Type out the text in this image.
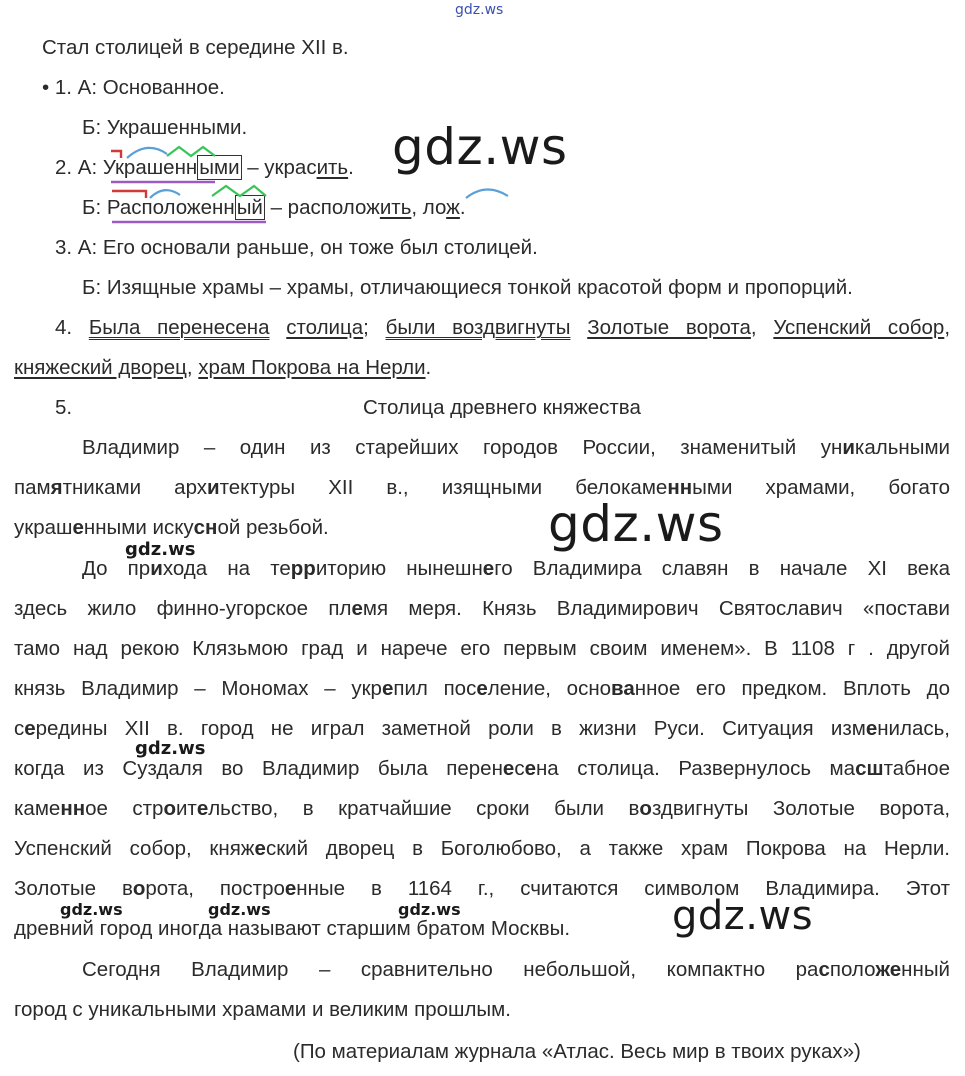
gdz.ws
Стал столицей в середине XII в.
• 1. А: Основанное.
Б: Украшенными.
2. А: Украшенными – украсить.
Б: Расположенный – расположить, лож.
3. А: Его основали раньше, он тоже был столицей.
Б: Изящные храмы – храмы, отличающиеся тонкой красотой форм и пропорций.
4. Была перенесена столица; были воздвигнуты Золотые ворота, Успенский собор,
княжеский дворец, храм Покрова на Нерли.
5.	Столица древнего княжества
Владимир – один из старейших городов России, знаменитый уникальными
памятниками архитектуры XII в., изящными белокаменными храмами, богато
украшенными искусной резьбой.
До прихода на территорию нынешнего Владимира славян в начале XI века
здесь жило финно-угорское племя меря. Князь Владимирович Святославич «постави
тамо над рекою Клязьмою град и нарече его первым своим именем». В 1108 г . другой
князь Владимир – Мономах – укрепил поселение, основанное его предком. Вплоть до
середины XII в. город не играл заметной роли в жизни Руси. Ситуация изменилась,
когда из Суздаля во Владимир была перенесена столица. Развернулось масштабное
каменное строительство, в кратчайшие сроки были воздвигнуты Золотые ворота,
Успенский собор, княжеский дворец в Боголюбово, а также храм Покрова на Нерли.
Золотые ворота, построенные в 1164 г., считаются символом Владимира. Этот
древний город иногда называют старшим братом Москвы.
Сегодня Владимир – сравнительно небольшой, компактно расположенный
город с уникальными храмами и великим прошлым.
(По материалам журнала «Атлас. Весь мир в твоих руках»)
gdz.ws
gdz.ws
gdz.ws
gdz.ws
gdz.ws
gdz.ws	gdz.ws	gdz.ws
